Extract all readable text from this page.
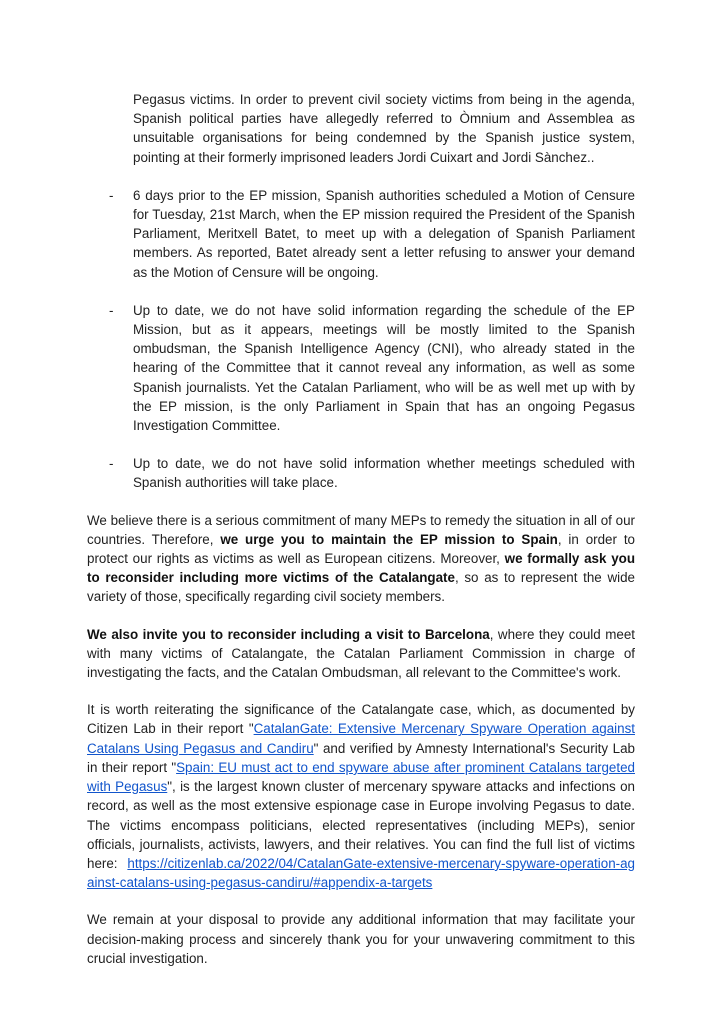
Pegasus victims. In order to prevent civil society victims from being in the agenda, Spanish political parties have allegedly referred to Òmnium and Assemblea as unsuitable organisations for being condemned by the Spanish justice system, pointing at their formerly imprisoned leaders Jordi Cuixart and Jordi Sànchez..

- 6 days prior to the EP mission, Spanish authorities scheduled a Motion of Censure for Tuesday, 21st March, when the EP mission required the President of the Spanish Parliament, Meritxell Batet, to meet up with a delegation of Spanish Parliament members. As reported, Batet already sent a letter refusing to answer your demand as the Motion of Censure will be ongoing.
- Up to date, we do not have solid information regarding the schedule of the EP Mission, but as it appears, meetings will be mostly limited to the Spanish ombudsman, the Spanish Intelligence Agency (CNI), who already stated in the hearing of the Committee that it cannot reveal any information, as well as some Spanish journalists. Yet the Catalan Parliament, who will be as well met up with by the EP mission, is the only Parliament in Spain that has an ongoing Pegasus Investigation Committee.
- Up to date, we do not have solid information whether meetings scheduled with Spanish authorities will take place.

We believe there is a serious commitment of many MEPs to remedy the situation in all of our countries. Therefore, we urge you to maintain the EP mission to Spain, in order to protect our rights as victims as well as European citizens. Moreover, we formally ask you to reconsider including more victims of the Catalangate, so as to represent the wide variety of those, specifically regarding civil society members.

We also invite you to reconsider including a visit to Barcelona, where they could meet with many victims of Catalangate, the Catalan Parliament Commission in charge of investigating the facts, and the Catalan Ombudsman, all relevant to the Committee's work.

It is worth reiterating the significance of the Catalangate case, which, as documented by Citizen Lab in their report "CatalanGate: Extensive Mercenary Spyware Operation against Catalans Using Pegasus and Candiru" and verified by Amnesty International's Security Lab in their report "Spain: EU must act to end spyware abuse after prominent Catalans targeted with Pegasus", is the largest known cluster of mercenary spyware attacks and infections on record, as well as the most extensive espionage case in Europe involving Pegasus to date. The victims encompass politicians, elected representatives (including MEPs), senior officials, journalists, activists, lawyers, and their relatives. You can find the full list of victims here: https://citizenlab.ca/2022/04/CatalanGate-extensive-mercenary-spyware-operation-against-catalans-using-pegasus-candiru/#appendix-a-targets

We remain at your disposal to provide any additional information that may facilitate your decision-making process and sincerely thank you for your unwavering commitment to this crucial investigation.
